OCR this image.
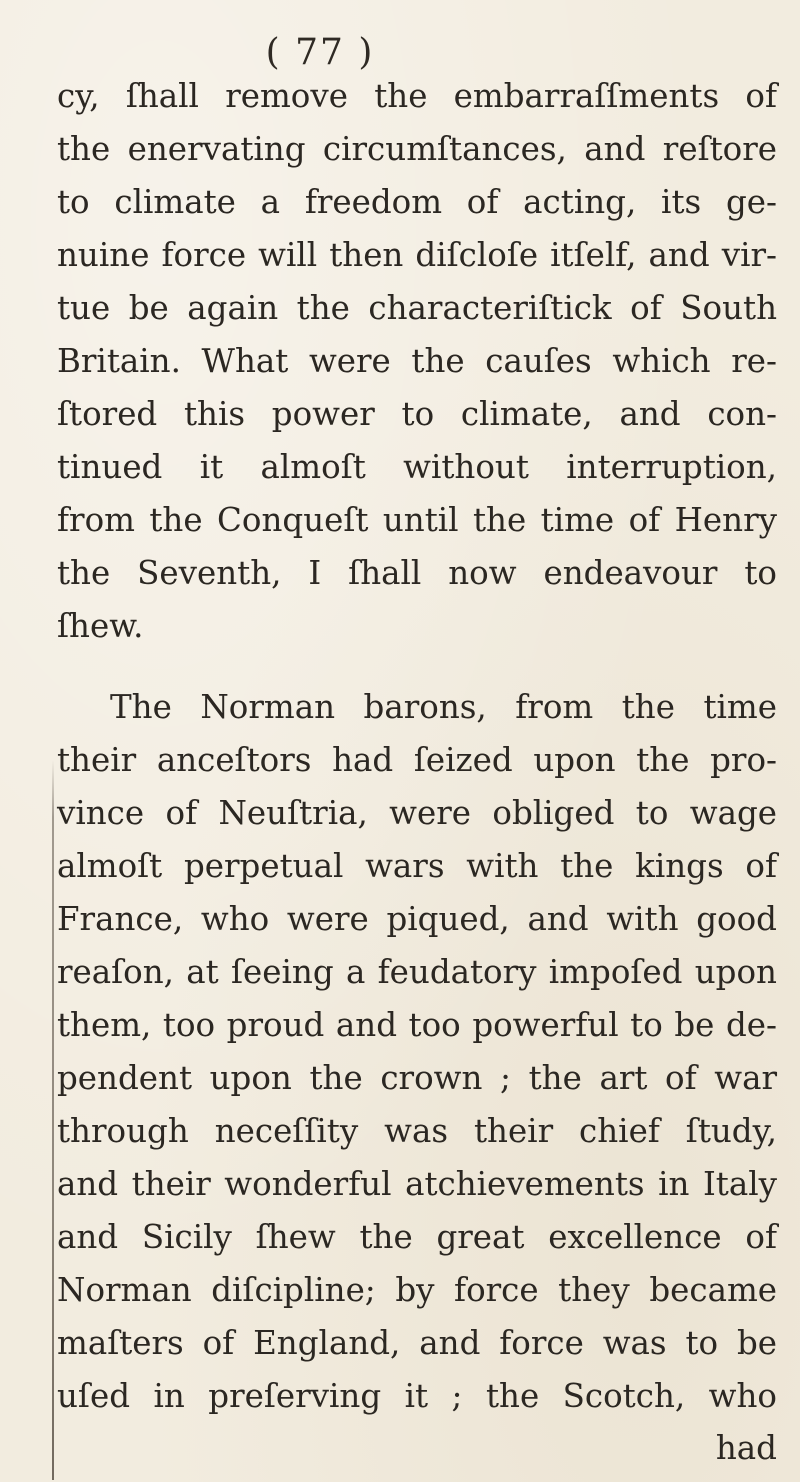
( 77 )
cy, ſhall remove the embarraſſments of
the enervating circumſtances, and reſtore
to climate a freedom of acting, its ge-
nuine force will then diſcloſe itſelf, and vir-
tue be again the characteriſtick of South
Britain. What were the cauſes which re-
ſtored this power to climate, and con-
tinued it almoſt without interruption,
from the Conqueſt until the time of Henry
the Seventh, I ſhall now endeavour to
ſhew.
The Norman barons, from the time
their anceſtors had ſeized upon the pro-
vince of Neuſtria, were obliged to wage
almoſt perpetual wars with the kings of
France, who were piqued, and with good
reaſon, at ſeeing a feudatory impoſed upon
them, too proud and too powerful to be de-
pendent upon the crown ; the art of war
through neceſſity was their chief ſtudy,
and their wonderful atchievements in Italy
and Sicily ſhew the great excellence of
Norman diſcipline; by force they became
maſters of England, and force was to be
uſed in preſerving it ; the Scotch, who
had
